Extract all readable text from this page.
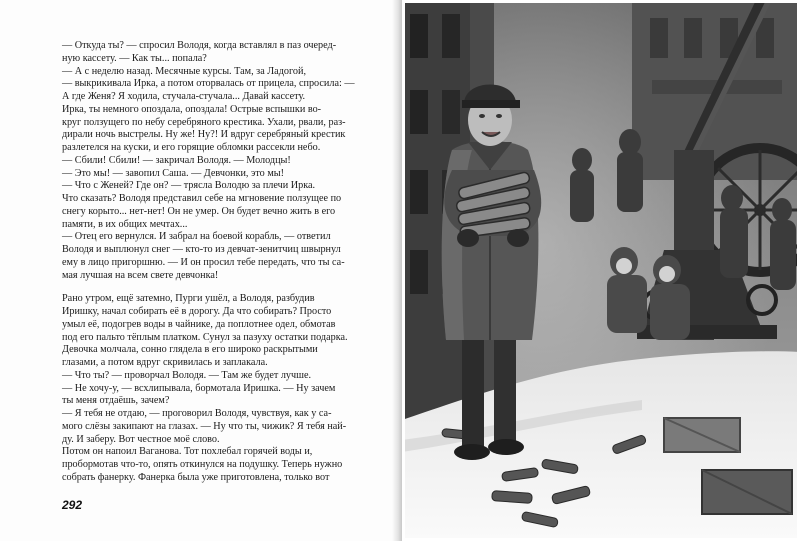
— Откуда ты? — спросил Володя, когда вставлял в паз очеред-

ную кассету. — Как ты... попала?

— А с неделю назад. Месячные курсы. Там, за Ладогой,

— выкрикивала Ирка, а потом оторвалась от прицела, спросила: —

А где Женя? Я ходила, стучала-стучала... Давай кассету.

Ирка, ты немного опоздала, опоздала! Острые вспышки во-

круг ползущего по небу серебряного крестика. Ухали, рвали, раз-

дирали ночь выстрелы. Ну же! Ну?! И вдруг серебряный крестик

разлетелся на куски, и его горящие обломки рассекли небо.

— Сбили! Сбили! — закричал Володя. — Молодцы!

— Это мы! — завопил Саша. — Девчонки, это мы!

— Что с Женей? Где он? — трясла Володю за плечи Ирка.

Что сказать? Володя представил себе на мгновение ползущее по

снегу корыто... нет-нет! Он не умер. Он будет вечно жить в его

памяти, в их общих мечтах...

— Отец его вернулся. И забрал на боевой корабль, — ответил

Володя и выплюнул снег — кто-то из девчат-зенитчиц швырнул

ему в лицо пригоршню. — И он просил тебе передать, что ты са-

мая лучшая на всем свете девчонка!

Рано утром, ещё затемно, Пурги ушёл, а Володя, разбудив

Иришку, начал собирать её в дорогу. Да что собирать? Просто

умыл её, подогрев воды в чайнике, да поплотнее одел, обмотав

под его пальто тёплым платком. Сунул за пазуху остатки подарка.

Девочка молчала, сонно глядела в его широко раскрытыми

глазами, а потом вдруг скривилась и заплакала.

— Что ты? — проворчал Володя. — Там же будет лучше.

— Не хочу-у, — всхлипывала, бормотала Иришка. — Ну зачем

ты меня отдаёшь, зачем?

— Я тебя не отдаю, — проговорил Володя, чувствуя, как у са-

мого слёзы закипают на глазах. — Ну что ты, чижик? Я тебя най-

ду. И заберу. Вот честное моё слово.

Потом он напоил Ваганова. Тот похлебал горячей воды и,

пробормотав что-то, опять откинулся на подушку. Теперь нужно

собрать фанерку. Фанерка была уже приготовлена, только вот

292
